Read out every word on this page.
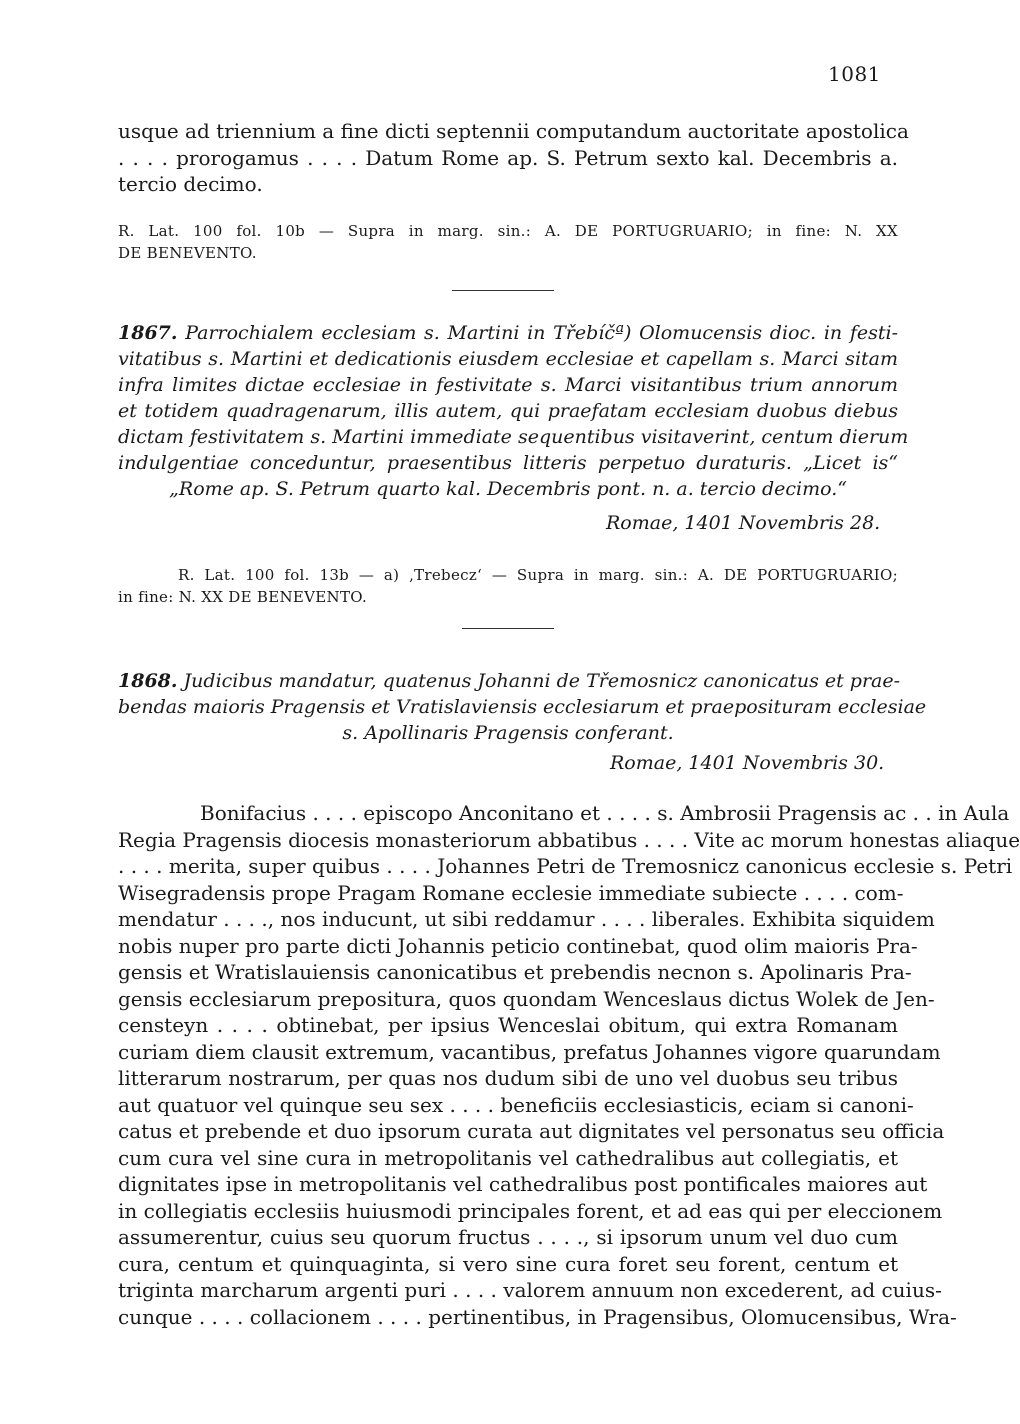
1081

usque ad triennium a fine dicti septennii computandum auctoritate apostolica

. . . . prorogamus . . . . Datum Rome ap. S. Petrum sexto kal. Decembris a.

tercio decimo.

R. Lat. 100 fol. 10b — Supra in marg. sin.: A. DE PORTUGRUARIO; in fine: N. XX

DE BENEVENTO.

1867. Parrochialem ecclesiam s. Martini in Třebíčª) Olomucensis dioc. in festi-

vitatibus s. Martini et dedicationis eiusdem ecclesiae et capellam s. Marci sitam

infra limites dictae ecclesiae in festivitate s. Marci visitantibus trium annorum

et totidem quadragenarum, illis autem, qui praefatam ecclesiam duobus diebus

dictam festivitatem s. Martini immediate sequentibus visitaverint, centum dierum

indulgentiae conceduntur, praesentibus litteris perpetuo duraturis. „Licet is“

„Rome ap. S. Petrum quarto kal. Decembris pont. n. a. tercio decimo.“

Romae, 1401 Novembris 28.

R. Lat. 100 fol. 13b — a) ‚Trebecz‘ — Supra in marg. sin.: A. DE PORTUGRUARIO;

in fine: N. XX DE BENEVENTO.

1868. Judicibus mandatur, quatenus Johanni de Třemosnicz canonicatus et prae-

bendas maioris Pragensis et Vratislaviensis ecclesiarum et praeposituram ecclesiae

s. Apollinaris Pragensis conferant.

Romae, 1401 Novembris 30.

Bonifacius . . . . episcopo Anconitano et . . . . s. Ambrosii Pragensis ac . . in Aula

Regia Pragensis diocesis monasteriorum abbatibus . . . . Vite ac morum honestas aliaque

. . . . merita, super quibus . . . . Johannes Petri de Tremosnicz canonicus ecclesie s. Petri

Wisegradensis prope Pragam Romane ecclesie immediate subiecte . . . . com-

mendatur . . . ., nos inducunt, ut sibi reddamur . . . . liberales. Exhibita siquidem

nobis nuper pro parte dicti Johannis peticio continebat, quod olim maioris Pra-

gensis et Wratislauiensis canonicatibus et prebendis necnon s. Apolinaris Pra-

gensis ecclesiarum prepositura, quos quondam Wenceslaus dictus Wolek de Jen-

censteyn . . . . obtinebat, per ipsius Wenceslai obitum, qui extra Romanam

curiam diem clausit extremum, vacantibus, prefatus Johannes vigore quarundam

litterarum nostrarum, per quas nos dudum sibi de uno vel duobus seu tribus

aut quatuor vel quinque seu sex . . . . beneficiis ecclesiasticis, eciam si canoni-

catus et prebende et duo ipsorum curata aut dignitates vel personatus seu officia

cum cura vel sine cura in metropolitanis vel cathedralibus aut collegiatis, et

dignitates ipse in metropolitanis vel cathedralibus post pontificales maiores aut

in collegiatis ecclesiis huiusmodi principales forent, et ad eas qui per eleccionem

assumerentur, cuius seu quorum fructus . . . ., si ipsorum unum vel duo cum

cura, centum et quinquaginta, si vero sine cura foret seu forent, centum et

triginta marcharum argenti puri . . . . valorem annuum non excederent, ad cuius-

cunque . . . . collacionem . . . . pertinentibus, in Pragensibus, Olomucensibus, Wra-
